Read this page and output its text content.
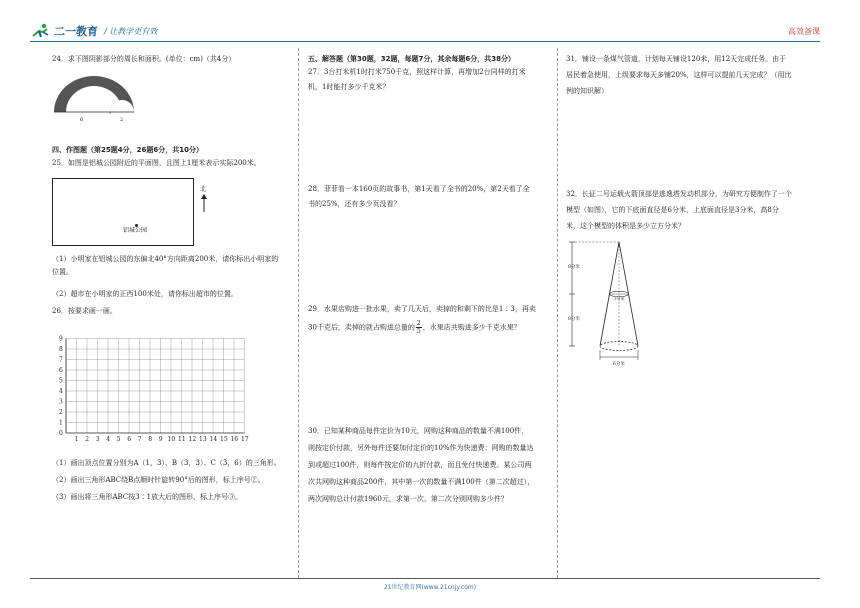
二一教育 / 让教学更有效	高效备课

24．求下图阴影部分的周长和面积。(单位：cm)（共4分）

6	2

四、作图题（第25题4分，26题6分，共10分）

25．如图是铝城公园附近的平面图，且图上1厘米表示实际200米。

铝城公园
北

（1）小明家在铝城公园的东偏北40°方向距离200米，请你标出小明家的

位置。

（2）超市在小明家的正西100米处，请你标出超市的位置。

26．按要求画一画。

9
8
7
6
5
4
3
2
1
0
1 2 3 4 5 6 7 8 9 10 11 12 13 14 15 16 17

（1）画出顶点位置分别为A（1，3）、B（3，3）、C（3，6）的三角形。

（2）画出三角形ABC绕B点顺时针旋转90°后的图形，标上序号②。

（3）画出将三角形ABC按3∶1放大后的图形，标上序号③。

五、解答题（第30题，32题，每题7分，其余每题6分，共38分）

27．3台打米机1时打米750千克，照这样计算，再增加2台同样的打米

机，1时能打多少千克米？

28．菲菲看一本160页的故事书，第1天看了全书的20%，第2天看了全

书的25%，还有多少页没看？

29．水果店购进一批水果，卖了几天后，卖掉的和剩下的比是1∶3，再卖

30千克后，卖掉的就占购进总量的 $\frac{2}{5}$ ，水果店共购进多少千克水果？

30．已知某种商品每件定价为10元，网购这种商品的数量不满100件，

则按定价付款，另外每件还要加付定价的10%作为快递费；网购的数量达

到或超过100件，则每件按定价的九折付款，而且免付快递费。某公司两

次共网购这种商品200件，其中第一次的数量不满100件（第二次超过），

两次网购总计付款1960元，求第一次、第二次分别网购多少件？

31．铺设一条煤气管道，计划每天铺设120米，用12天完成任务。由于

居民着急使用，上级要求每天多铺20%，这样可以提前几天完成？（用比

例的知识解）

32．长征二号运载火箭顶部是逃逸塔发动机部分，为研究方便制作了一个

模型（如图），它的下底面直径是6分米，上底面直径是3分米，高8分

米，这个模型的体积是多少立方分米？

8分米
8分米
3分米
6分米
21世纪教育网(www.21cnjy.com)
